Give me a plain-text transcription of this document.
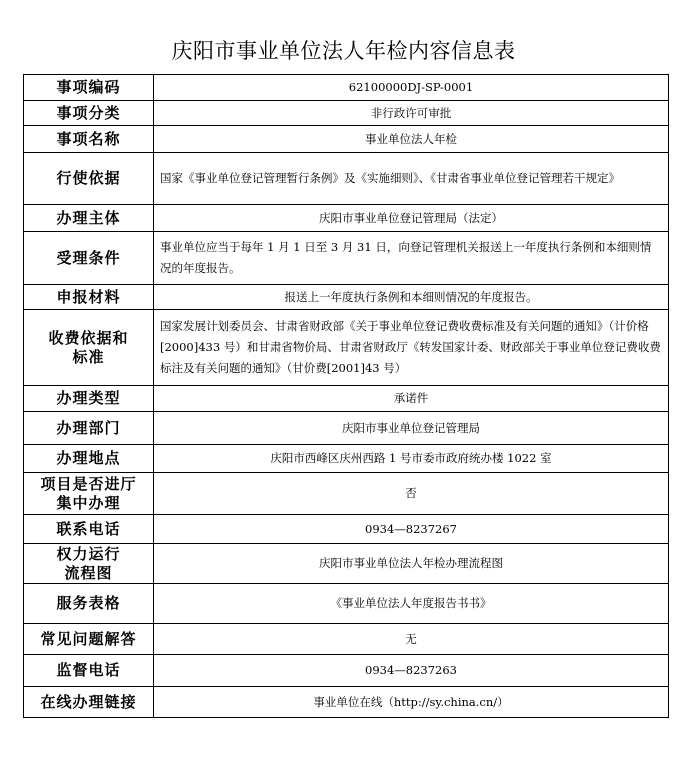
庆阳市事业单位法人年检内容信息表
事项编码	62100000DJ-SP-0001
事项分类	非行政许可审批
事项名称	事业单位法人年检
行使依据	国家《事业单位登记管理暂行条例》及《实施细则》、《甘肃省事业单位登记管理若干规定》
办理主体	庆阳市事业单位登记管理局（法定）
受理条件	事业单位应当于每年 1 月 1 日至 3 月 31 日，向登记管理机关报送上一年度执行条例和本细则情况的年度报告。
申报材料	报送上一年度执行条例和本细则情况的年度报告。
收费依据和标准	国家发展计划委员会、甘肃省财政部《关于事业单位登记费收费标准及有关问题的通知》（计价格[2000]433 号）和甘肃省物价局、甘肃省财政厅《转发国家计委、财政部关于事业单位登记费收费标注及有关问题的通知》（甘价费[2001]43 号）
办理类型	承诺件
办理部门	庆阳市事业单位登记管理局
办理地点	庆阳市西峰区庆州西路 1 号市委市政府统办楼 1022 室
项目是否进厅集中办理	否
联系电话	0934—8237267
权力运行流程图	庆阳市事业单位法人年检办理流程图
服务表格	《事业单位法人年度报告书书》
常见问题解答	无
监督电话	0934—8237263
在线办理链接	事业单位在线（http://sy.china.cn/）
